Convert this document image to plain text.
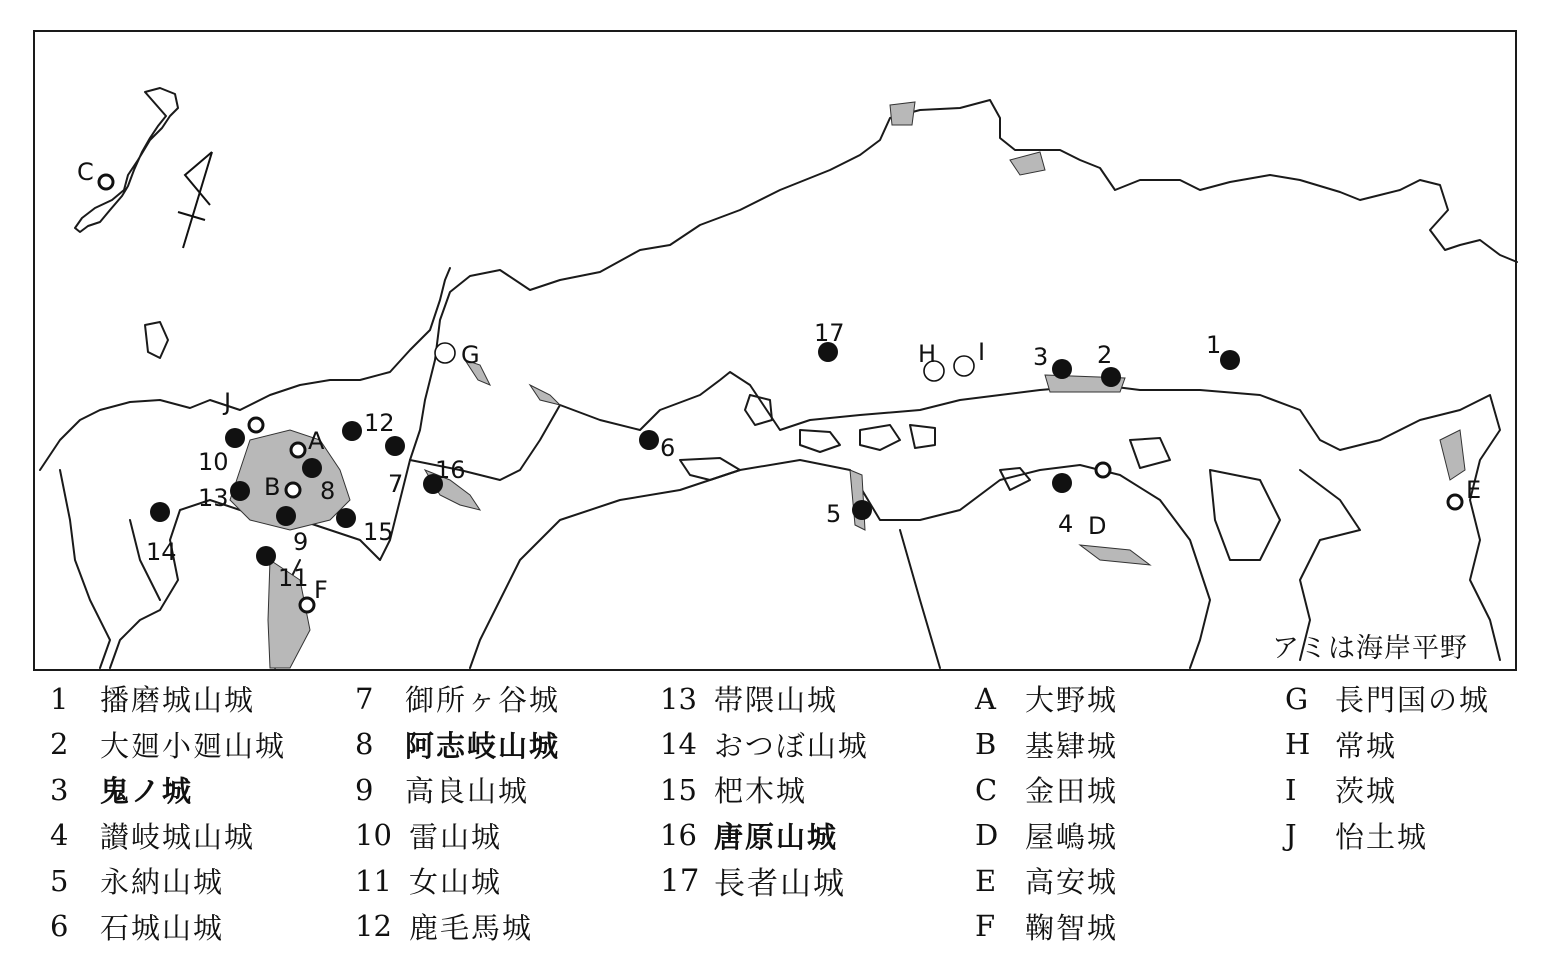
1
2
3
4
5
6
7
8
9
10
11
12
13
14
15
16
17
A
B
C
D
E
F
G	H I
J
アミは海岸平野
1	播磨城山城
2	大廻小廻山城
3	鬼ノ城
4	讃岐城山城
5	永納山城
6	石城山城
7	御所ヶ谷城
8	阿志岐山城
9	高良山城
10 雷山城
11 女山城
12 鹿毛馬城
13 帯隈山城
14 おつぼ山城
15 杷木城
16 唐原山城
17 長者山城
A	大野城
B 基肄城
C 金田城
D 屋嶋城
E 高安城
F	鞠智城
G 長門国の城
H 常城
I	茨城
J	怡土城
